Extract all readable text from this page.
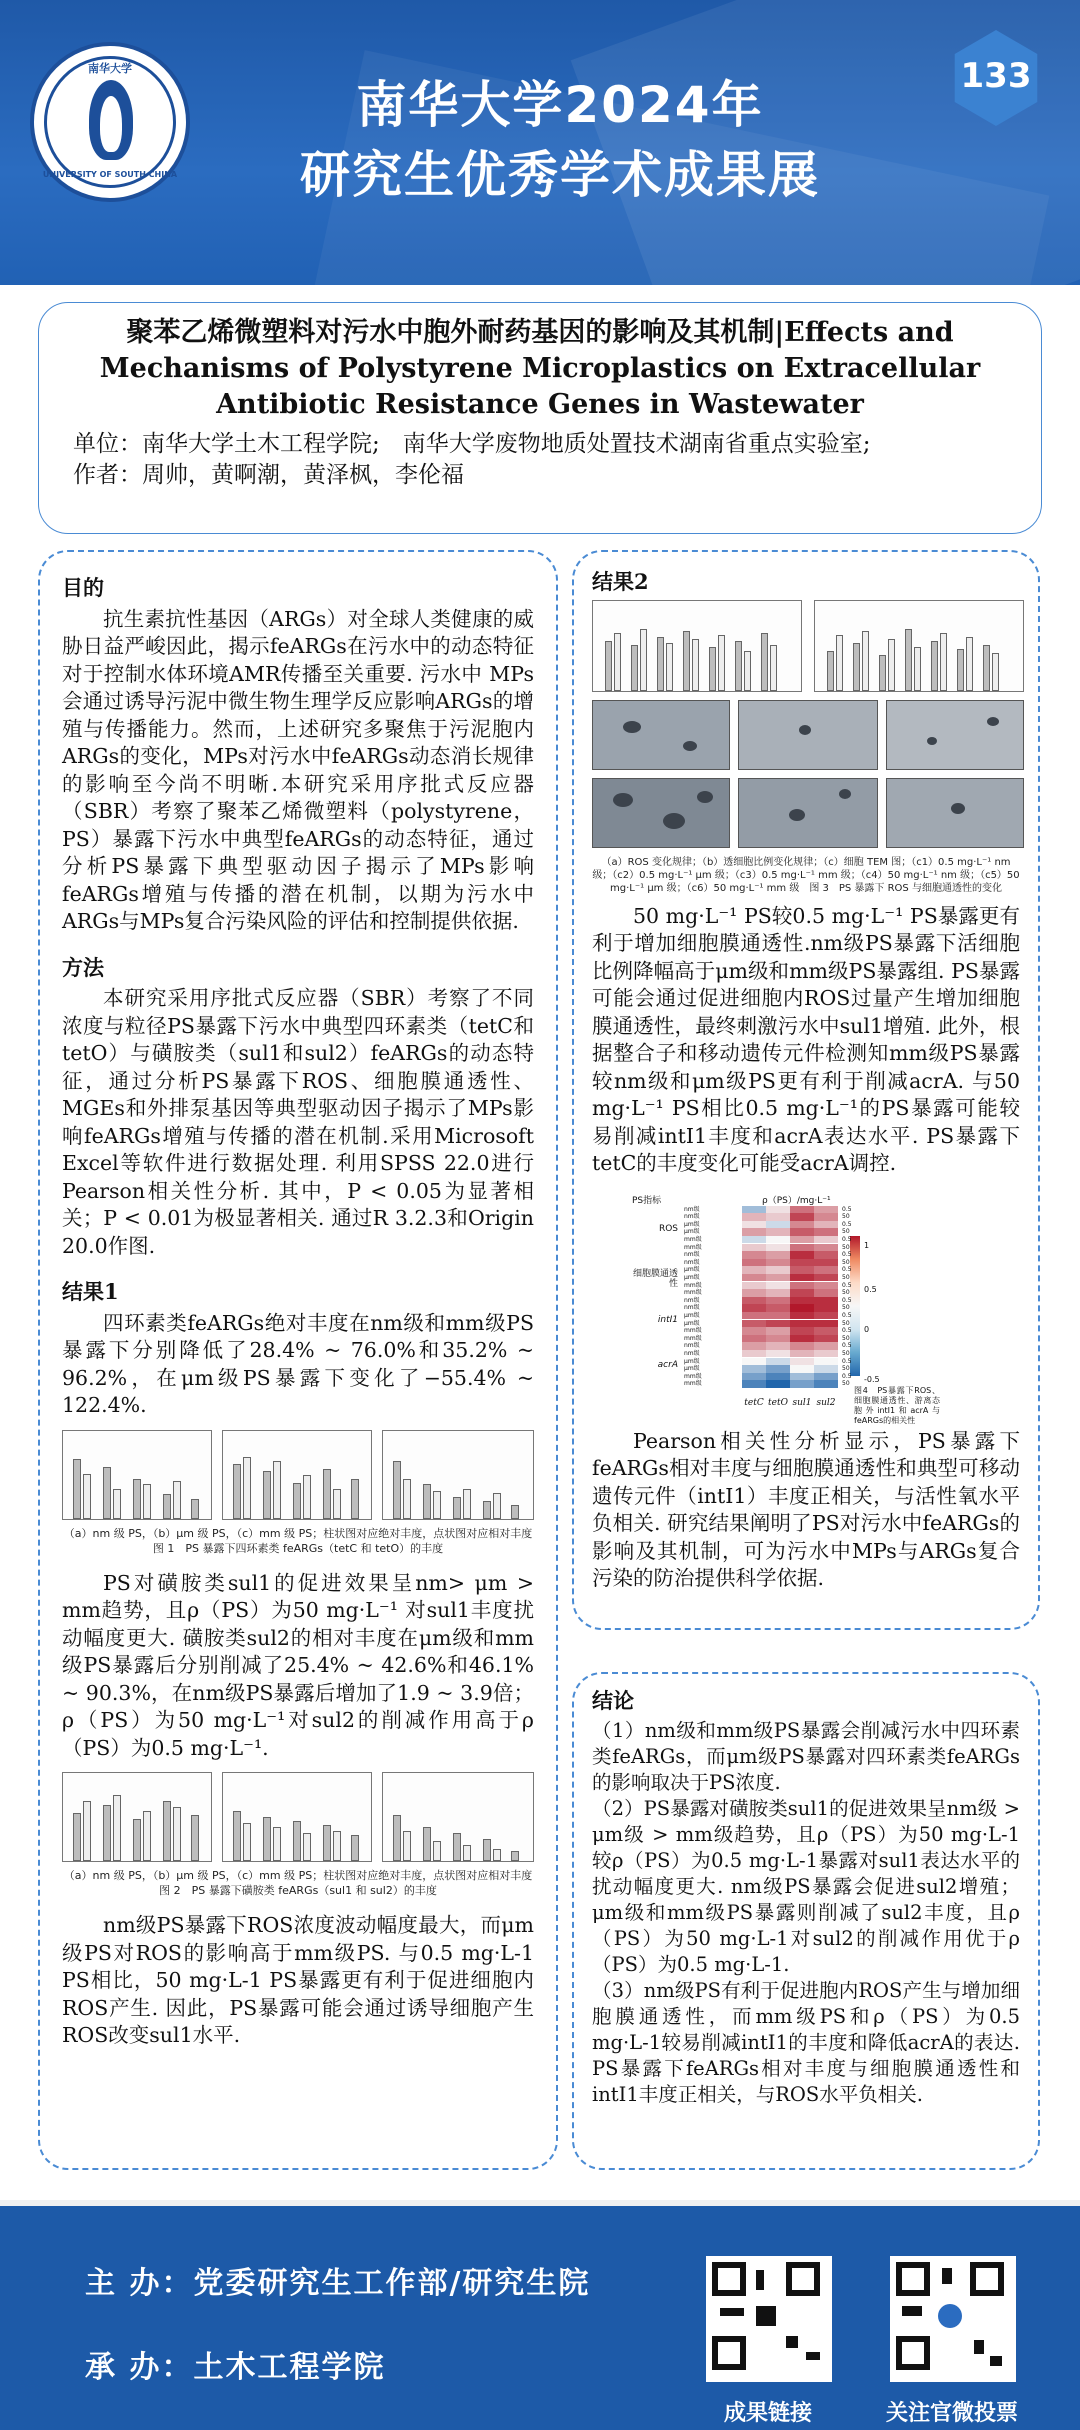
南华大学
UNIVERSITY OF SOUTH CHINA
南华大学2024年
研究生优秀学术成果展
133
聚苯乙烯微塑料对污水中胞外耐药基因的影响及其机制|Effects and Mechanisms of Polystyrene Microplastics on Extracellular Antibiotic Resistance Genes in Wastewater
单位：南华大学土木工程学院;　南华大学废物地质处置技术湖南省重点实验室;
作者：周帅，黄啊潮，黄泽枫，李伦福
目的
抗生素抗性基因（ARGs）对全球人类健康的威胁日益严峻因此，揭示feARGs在污水中的动态特征对于控制水体环境AMR传播至关重要. 污水中 MPs会通过诱导污泥中微生物生理学反应影响ARGs的增殖与传播能力。然而，上述研究多聚焦于污泥胞内ARGs的变化，MPs对污水中feARGs动态消长规律的影响至今尚不明晰.本研究采用序批式反应器（SBR）考察了聚苯乙烯微塑料（polystyrene，PS）暴露下污水中典型feARGs的动态特征，通过分析PS暴露下典型驱动因子揭示了MPs影响feARGs增殖与传播的潜在机制，以期为污水中ARGs与MPs复合污染风险的评估和控制提供依据.
方法
本研究采用序批式反应器（SBR）考察了不同浓度与粒径PS暴露下污水中典型四环素类（tetC和tetO）与磺胺类（sul1和sul2）feARGs的动态特征，通过分析PS暴露下ROS、细胞膜通透性、MGEs和外排泵基因等典型驱动因子揭示了MPs影响feARGs增殖与传播的潜在机制.采用Microsoft Excel等软件进行数据处理. 利用SPSS 22.0进行Pearson相关性分析. 其中，P < 0.05为显著相关；P < 0.01为极显著相关. 通过R 3.2.3和Origin 20.0作图.
结果1
四环素类feARGs绝对丰度在nm级和mm级PS暴露下分别降低了28.4% ~ 76.0%和35.2% ~ 96.2%，在μm级PS暴露下变化了−55.4% ~ 122.4%.
（a）nm 级 PS，（b）μm 级 PS，（c）mm 级 PS；柱状图对应绝对丰度，点状图对应相对丰度　图 1　PS 暴露下四环素类 feARGs（tetC 和 tetO）的丰度
PS对磺胺类sul1的促进效果呈nm> μm > mm趋势，且ρ（PS）为50 mg·L⁻¹ 对sul1丰度扰动幅度更大. 磺胺类sul2的相对丰度在μm级和mm级PS暴露后分别削减了25.4% ~ 42.6%和46.1% ~ 90.3%，在nm级PS暴露后增加了1.9 ~ 3.9倍；ρ（PS）为50 mg·L⁻¹对sul2的削减作用高于ρ（PS）为0.5 mg·L⁻¹.
（a）nm 级 PS，（b）μm 级 PS，（c）mm 级 PS；柱状图对应绝对丰度，点状图对应相对丰度　图 2　PS 暴露下磺胺类 feARGs（sul1 和 sul2）的丰度
nm级PS暴露下ROS浓度波动幅度最大，而μm级PS对ROS的影响高于mm级PS. 与0.5 mg·L-1 PS相比，50 mg·L-1 PS暴露更有利于促进细胞内ROS产生. 因此，PS暴露可能会通过诱导细胞产生ROS改变sul1水平.
结果2
（a）ROS 变化规律；（b）透细胞比例变化规律；（c）细胞 TEM 图；（c1）0.5 mg·L⁻¹ nm 级；（c2）0.5 mg·L⁻¹ μm 级；（c3）0.5 mg·L⁻¹ mm 级；（c4）50 mg·L⁻¹ nm 级；（c5）50 mg·L⁻¹ μm 级；（c6）50 mg·L⁻¹ mm 级　图 3　PS 暴露下 ROS 与细胞通透性的变化
50 mg·L⁻¹ PS较0.5 mg·L⁻¹ PS暴露更有利于增加细胞膜通透性.nm级PS暴露下活细胞比例降幅高于μm级和mm级PS暴露组. PS暴露可能会通过促进细胞内ROS过量产生增加细胞膜通透性，最终刺激污水中sul1增殖. 此外，根据整合子和移动遗传元件检测知mm级PS暴露较nm级和μm级PS更有利于削减acrA. 与50 mg·L⁻¹ PS相比0.5 mg·L⁻¹的PS暴露可能较易削减intI1丰度和acrA表达水平. PS暴露下tetC的丰度变化可能受acrA调控.
PS指标	ρ（PS）/mg·L⁻¹
1
0.5
0
-0.5
图4　PS暴露下ROS、细胞膜通透性、游离态胞外intI1和acrA与feARGs的相关性
ROS
细胞膜通透性
intI1
acrA
nm级	0.5
nm级	50
μm级	0.5
μm级	50
mm级	0.5
mm级	50
nm级	0.5
nm级	50
μm级	0.5
μm级	50
mm级	0.5
mm级	50
nm级	0.5
nm级	50
μm级	0.5
μm级	50
mm级	0.5
mm级	50
nm级	0.5
nm级	50
μm级	0.5
μm级	50
mm级	0.5
mm级	50
tetC tetO sul1 sul2
Pearson相关性分析显示，PS暴露下feARGs相对丰度与细胞膜通透性和典型可移动遗传元件（intI1）丰度正相关，与活性氧水平负相关. 研究结果阐明了PS对污水中feARGs的影响及其机制，可为污水中MPs与ARGs复合污染的防治提供科学依据.
结论
（1）nm级和mm级PS暴露会削减污水中四环素类feARGs，而μm级PS暴露对四环素类feARGs的影响取决于PS浓度.
（2）PS暴露对磺胺类sul1的促进效果呈nm级 > μm级 > mm级趋势，且ρ（PS）为50 mg·L-1较ρ（PS）为0.5 mg·L-1暴露对sul1表达水平的扰动幅度更大. nm级PS暴露会促进sul2增殖；μm级和mm级PS暴露则削减了sul2丰度，且ρ（PS）为50 mg·L-1对sul2的削减作用优于ρ（PS）为0.5 mg·L-1.
（3）nm级PS有利于促进胞内ROS产生与增加细胞膜通透性，而mm级PS和ρ（PS）为0.5 mg·L-1较易削减intI1的丰度和降低acrA的表达. PS暴露下feARGs相对丰度与细胞膜通透性和intI1丰度正相关，与ROS水平负相关.
主 办：党委研究生工作部/研究生院
承 办：土木工程学院
成果链接	关注官微投票
